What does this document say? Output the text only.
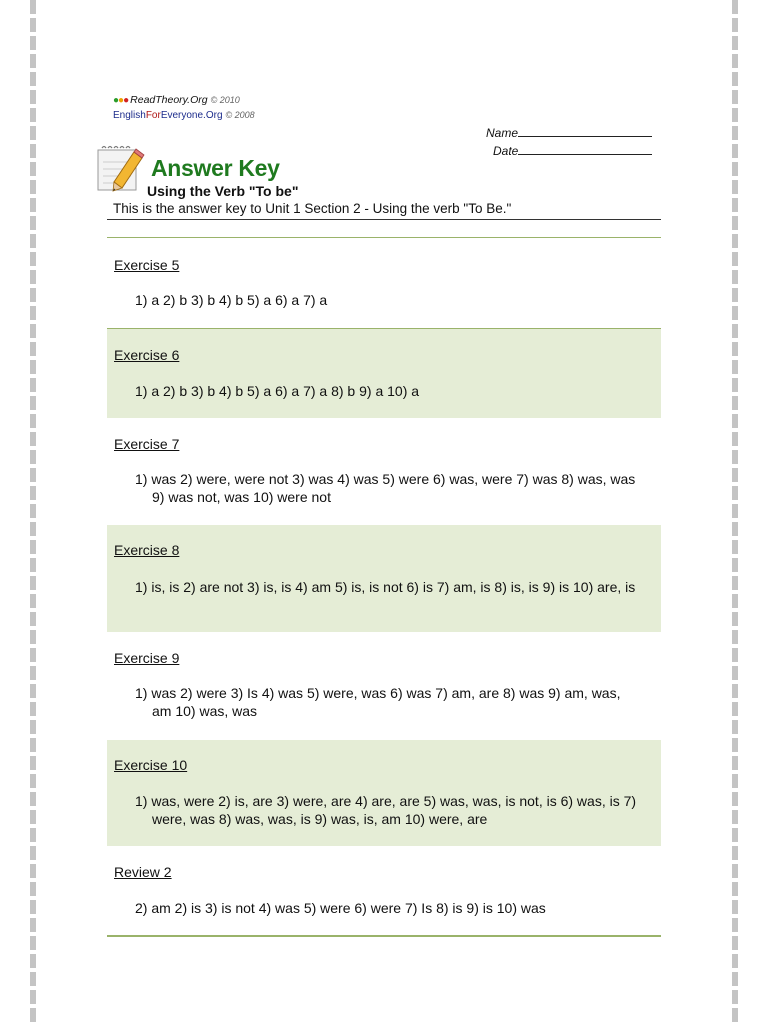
●●● ReadTheory.Org © 2010
EnglishForEveryone.Org © 2008
Name
Date
Answer Key
Using the Verb "To be"
This is the answer key to Unit 1 Section 2 - Using the verb "To Be."
Exercise 5
1) a 2) b 3) b 4) b 5) a 6) a 7) a
Exercise 6
1) a 2) b 3) b 4) b 5) a 6) a 7) a 8) b 9) a 10) a
Exercise 7
1) was 2) were, were not 3) was 4) was 5) were 6) was, were 7) was 8) was, was 9) was not, was 10) were not
Exercise 8
1) is, is 2) are not 3) is, is 4) am 5) is, is not 6) is 7) am, is 8) is, is 9) is 10) are, is
Exercise 9
1) was 2) were 3) Is 4) was 5) were, was 6) was 7) am, are 8) was 9) am, was, am 10) was, was
Exercise 10
1) was, were 2) is, are 3) were, are 4) are, are 5) was, was, is not, is 6) was, is 7) were, was 8) was, was, is 9) was, is, am 10) were, are
Review 2
2) am 2) is 3) is not 4) was 5) were 6) were 7) Is 8) is 9) is 10) was
